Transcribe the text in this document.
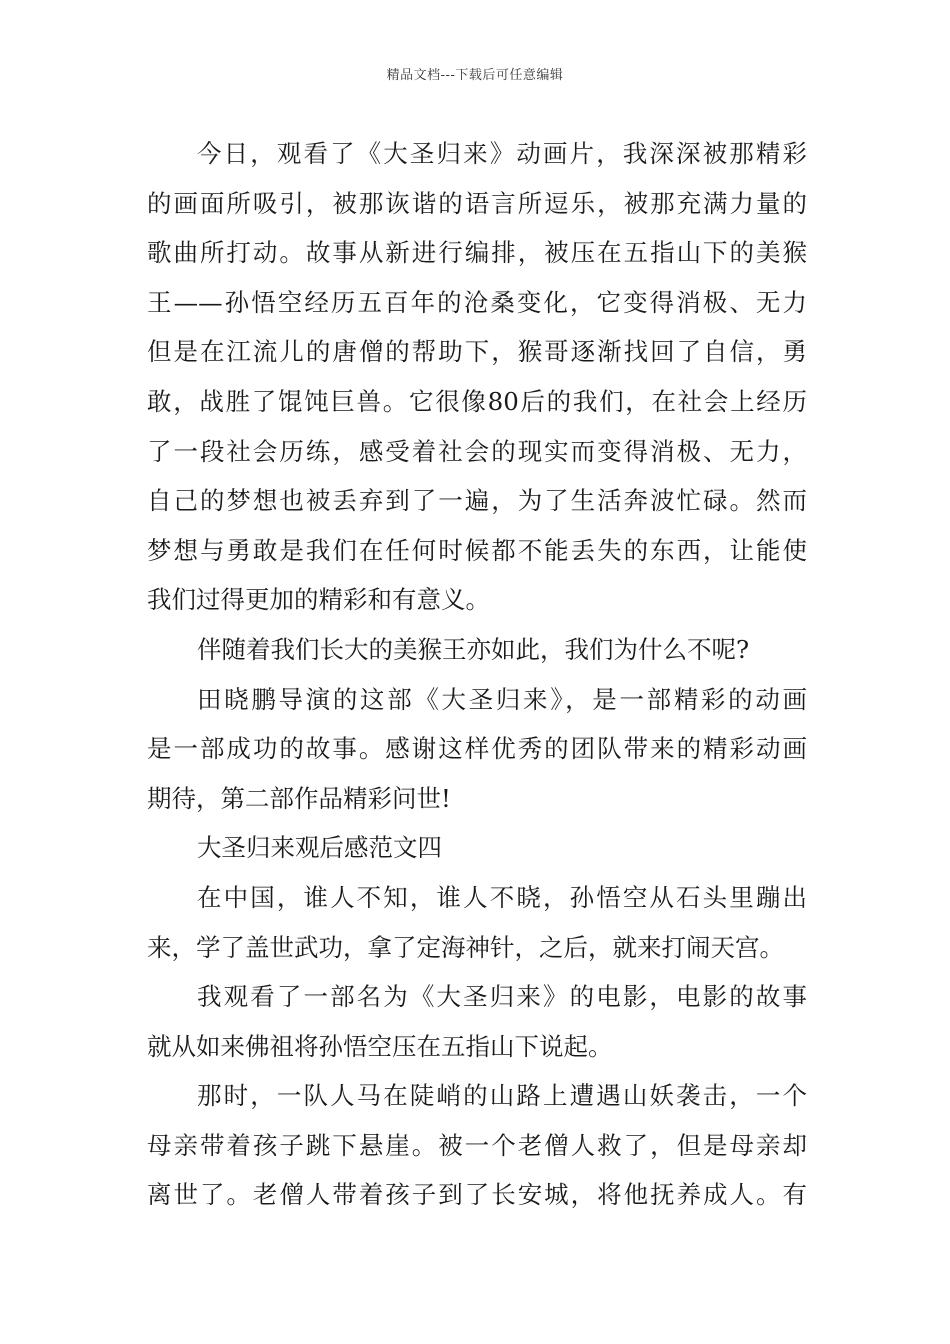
精品文档---下载后可任意编辑
今日，观看了《大圣归来》动画片，我深深被那精彩
的画面所吸引，被那诙谐的语言所逗乐，被那充满力量的
歌曲所打动。故事从新进行编排，被压在五指山下的美猴
王——孙悟空经历五百年的沧桑变化，它变得消极、无力
但是在江流儿的唐僧的帮助下，猴哥逐渐找回了自信，勇
敢，战胜了馄饨巨兽。它很像80后的我们，在社会上经历
了一段社会历练，感受着社会的现实而变得消极、无力，
自己的梦想也被丢弃到了一遍，为了生活奔波忙碌。然而
梦想与勇敢是我们在任何时候都不能丢失的东西，让能使
我们过得更加的精彩和有意义。
伴随着我们长大的美猴王亦如此，我们为什么不呢?
田晓鹏导演的这部《大圣归来》，是一部精彩的动画
是一部成功的故事。感谢这样优秀的团队带来的精彩动画
期待，第二部作品精彩问世!
大圣归来观后感范文四
在中国，谁人不知，谁人不晓，孙悟空从石头里蹦出
来，学了盖世武功，拿了定海神针，之后，就来打闹天宫。
我观看了一部名为《大圣归来》的电影，电影的故事
就从如来佛祖将孙悟空压在五指山下说起。
那时，一队人马在陡峭的山路上遭遇山妖袭击，一个
母亲带着孩子跳下悬崖。被一个老僧人救了，但是母亲却
离世了。老僧人带着孩子到了长安城，将他抚养成人。有
